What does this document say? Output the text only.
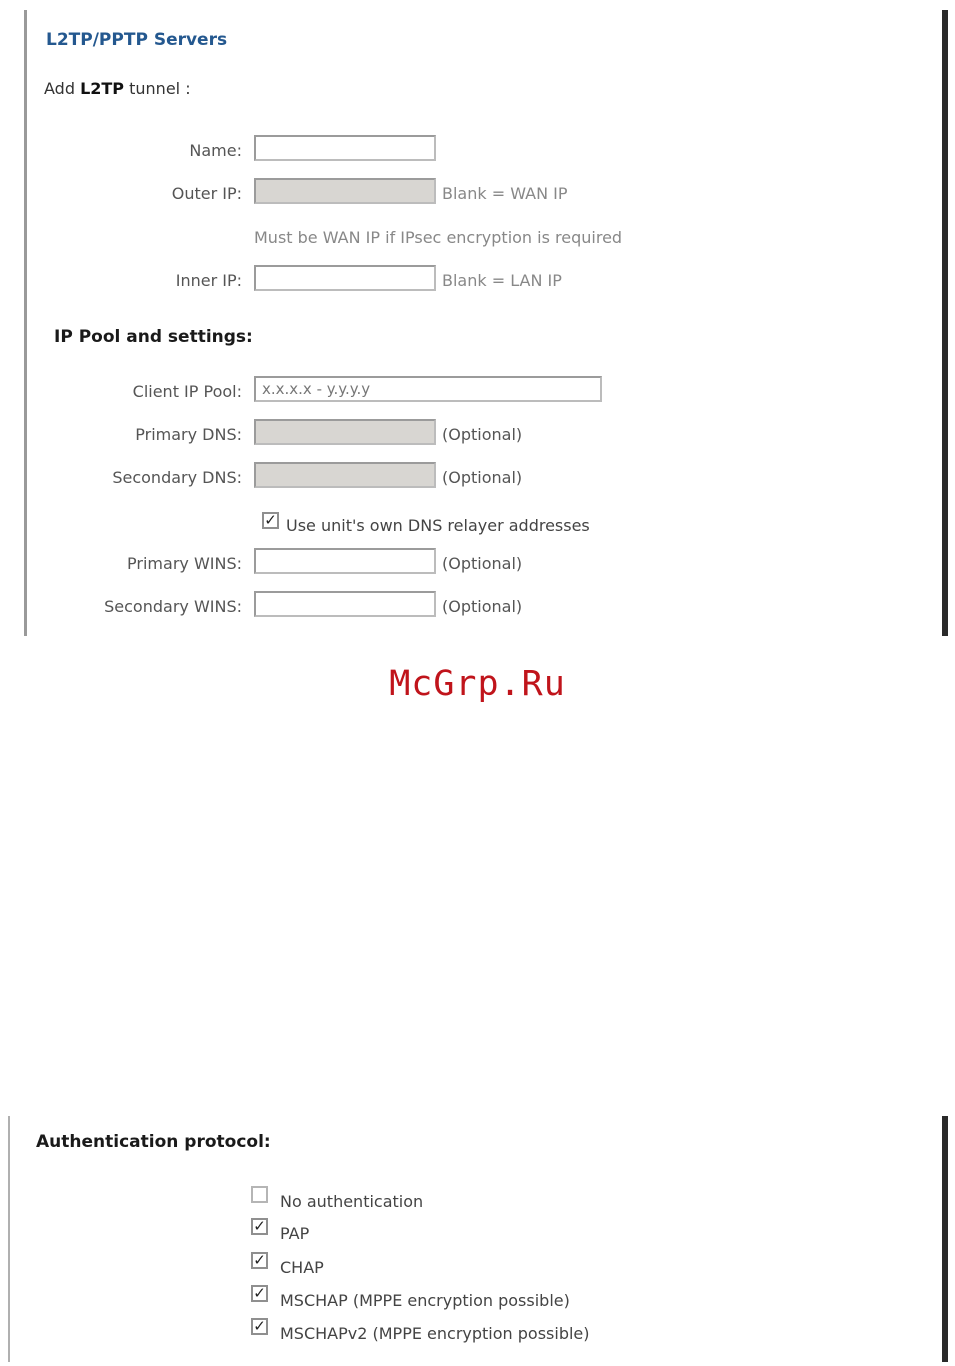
L2TP/PPTP Servers
Add L2TP tunnel :
Name:
Outer IP:	Blank = WAN IP
Must be WAN IP if IPsec encryption is required
Inner IP:	Blank = LAN IP
IP Pool and settings:
Client IP Pool:
x.x.x.x - y.y.y.y
Primary DNS:	(Optional)
Secondary DNS:	(Optional)
✓ Use unit's own DNS relayer addresses
Primary WINS:	(Optional)
Secondary WINS:	(Optional)
McGrp.Ru
Authentication protocol:
No authentication
✓ PAP
✓ CHAP
✓ MSCHAP (MPPE encryption possible)
✓ MSCHAPv2 (MPPE encryption possible)
